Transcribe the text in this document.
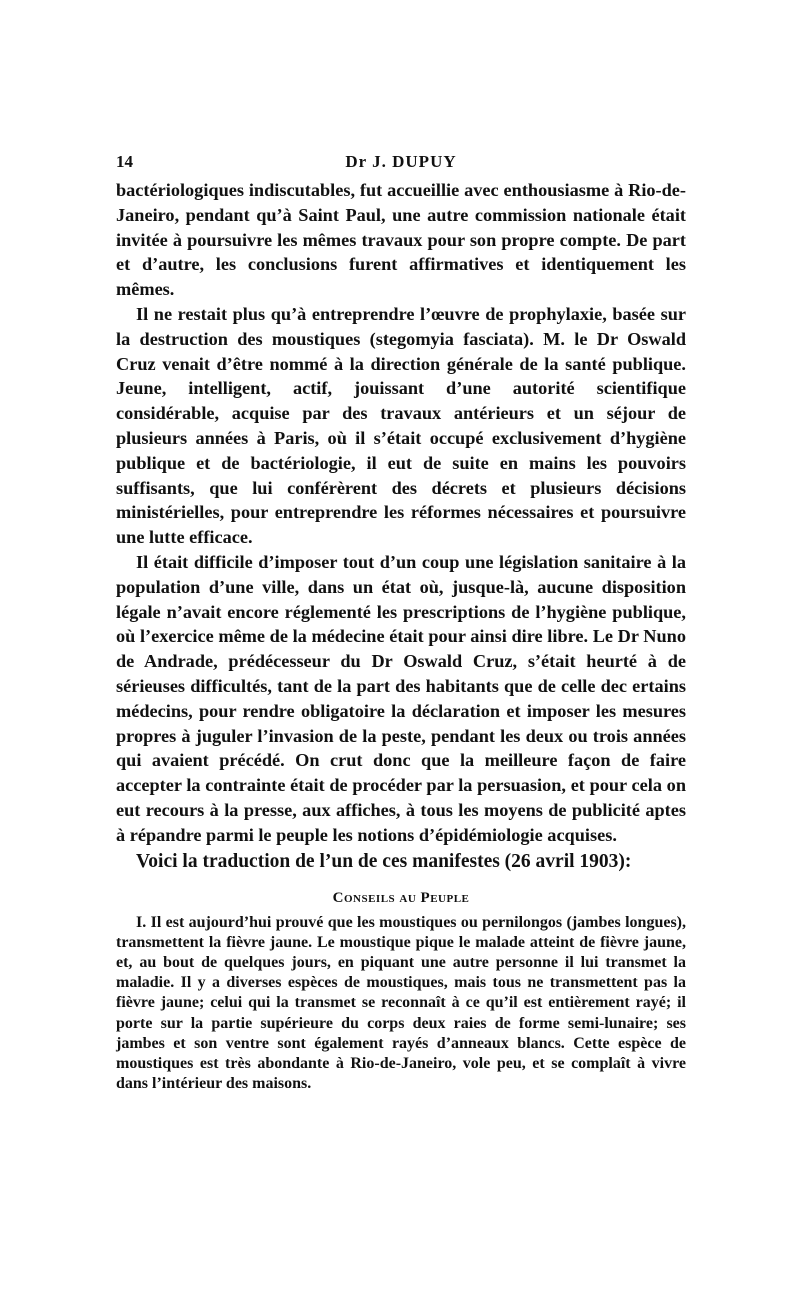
14	Dr J. DUPUY

bactériologiques indiscutables, fut accueillie avec enthousiasme à Rio-de-Janeiro, pendant qu’à Saint Paul, une autre commission nationale était invitée à poursuivre les mêmes travaux pour son propre compte. De part et d’autre, les conclusions furent affirmatives et identiquement les mêmes.

Il ne restait plus qu’à entreprendre l’œuvre de prophylaxie, basée sur la destruction des moustiques (stegomyia fasciata). M. le Dr Oswald Cruz venait d’être nommé à la direction générale de la santé publique. Jeune, intelligent, actif, jouissant d’une autorité scientifique considérable, acquise par des travaux antérieurs et un séjour de plusieurs années à Paris, où il s’était occupé exclusivement d’hygiène publique et de bactériologie, il eut de suite en mains les pouvoirs suffisants, que lui conférèrent des décrets et plusieurs décisions ministérielles, pour entreprendre les réformes nécessaires et poursuivre une lutte efficace.

Il était difficile d’imposer tout d’un coup une législation sanitaire à la population d’une ville, dans un état où, jusque-là, aucune disposition légale n’avait encore réglementé les prescriptions de l’hygiène publique, où l’exercice même de la médecine était pour ainsi dire libre. Le Dr Nuno de Andrade, prédécesseur du Dr Oswald Cruz, s’était heurté à de sérieuses difficultés, tant de la part des habitants que de celle dec ertains médecins, pour rendre obligatoire la déclaration et imposer les mesures propres à juguler l’invasion de la peste, pendant les deux ou trois années qui avaient précédé. On crut donc que la meilleure façon de faire accepter la contrainte était de procéder par la persuasion, et pour cela on eut recours à la presse, aux affiches, à tous les moyens de publicité aptes à répandre parmi le peuple les notions d’épidémiologie acquises.

Voici la traduction de l’un de ces manifestes (26 avril 1903):

Conseils au Peuple

I. Il est aujourd’hui prouvé que les moustiques ou pernilongos (jambes longues), transmettent la fièvre jaune. Le moustique pique le malade atteint de fièvre jaune, et, au bout de quelques jours, en piquant une autre personne il lui transmet la maladie. Il y a diverses espèces de moustiques, mais tous ne transmettent pas la fièvre jaune; celui qui la transmet se reconnaît à ce qu’il est entièrement rayé; il porte sur la partie supérieure du corps deux raies de forme semi-lunaire; ses jambes et son ventre sont également rayés d’anneaux blancs. Cette espèce de moustiques est très abondante à Rio-de-Janeiro, vole peu, et se complaît à vivre dans l’intérieur des maisons.
